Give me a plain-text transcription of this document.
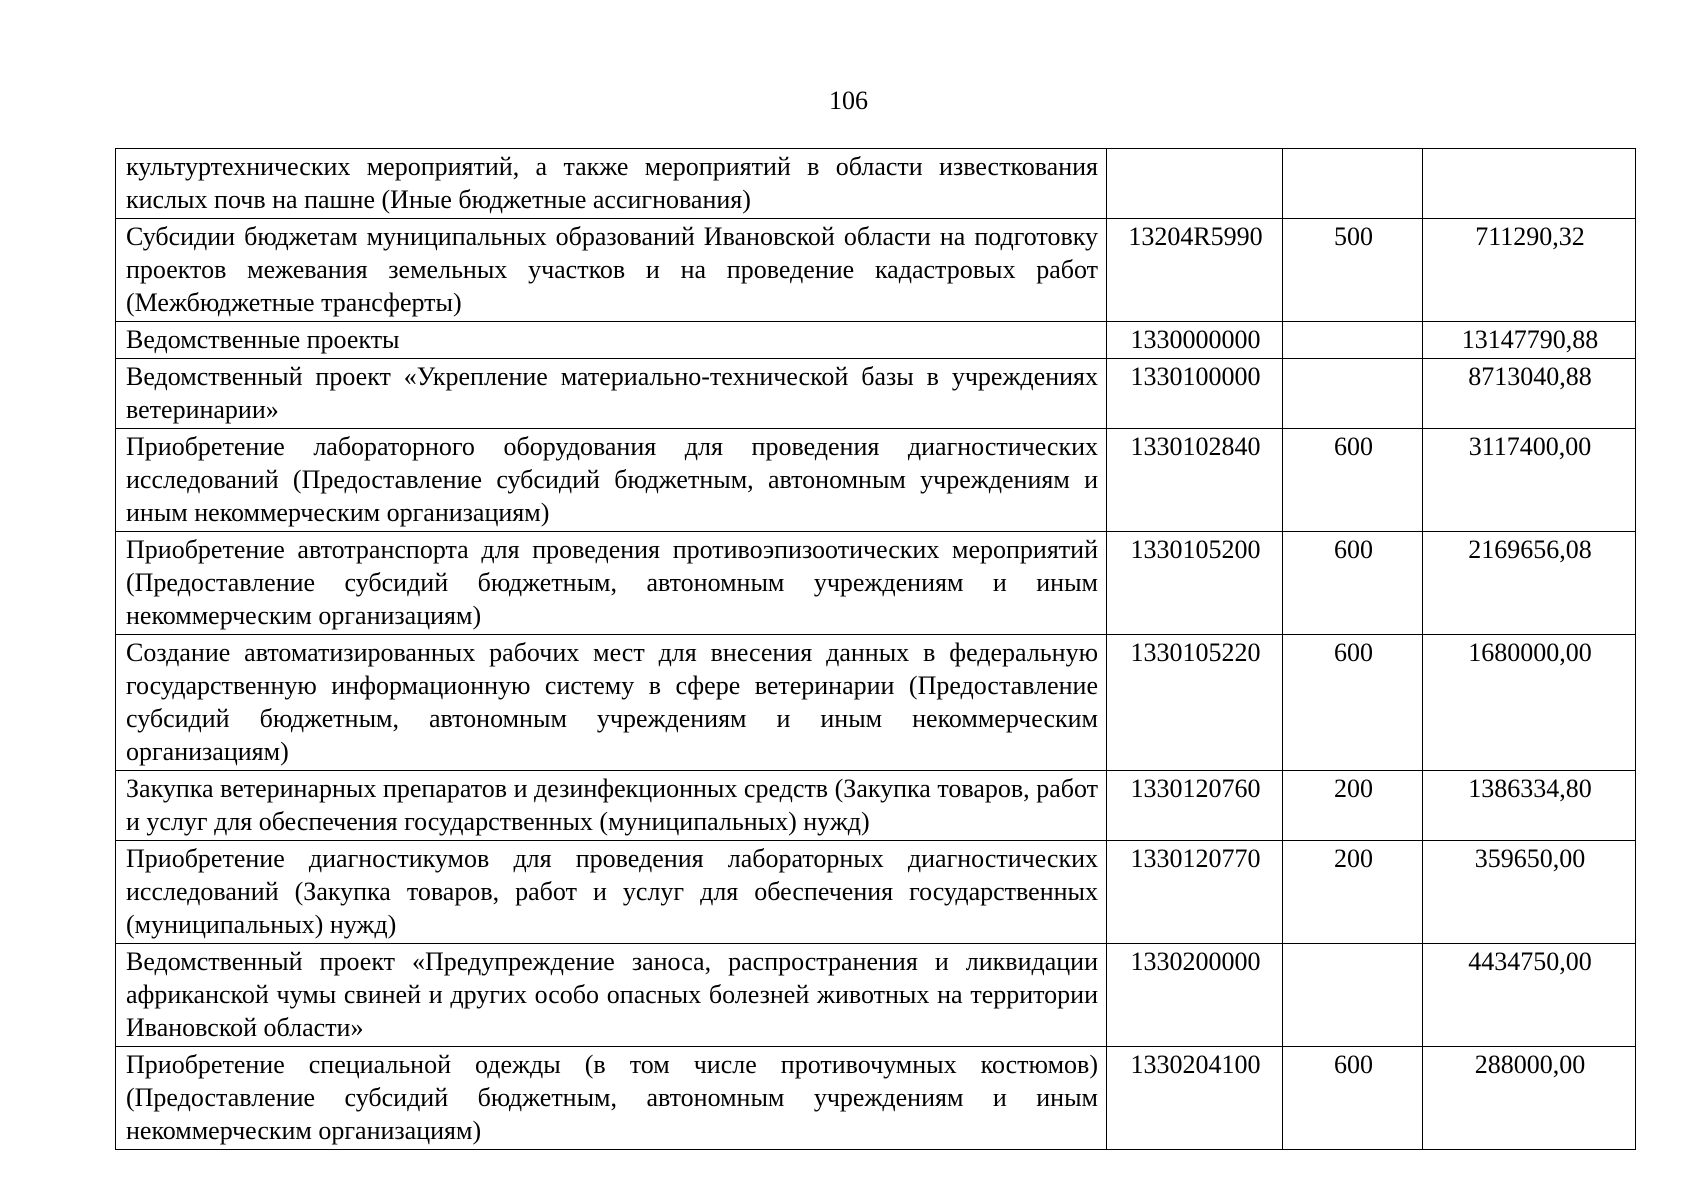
106
культуртехнических мероприятий, а также мероприятий в области известкования кислых почв на пашне (Иные бюджетные ассигнования)			
Субсидии бюджетам муниципальных образований Ивановской области на подготовку проектов межевания земельных участков и на проведение кадастровых работ (Межбюджетные трансферты)	13204R5990	500	711290,32
Ведомственные проекты	1330000000		13147790,88
Ведомственный проект «Укрепление материально-технической базы в учреждениях ветеринарии»	1330100000		8713040,88
Приобретение лабораторного оборудования для проведения диагностических исследований (Предоставление субсидий бюджетным, автономным учреждениям и иным некоммерческим организациям)	1330102840	600	3117400,00
Приобретение автотранспорта для проведения противоэпизоотических мероприятий (Предоставление субсидий бюджетным, автономным учреждениям и иным некоммерческим организациям)	1330105200	600	2169656,08
Создание автоматизированных рабочих мест для внесения данных в федеральную государственную информационную систему в сфере ветеринарии (Предоставление субсидий бюджетным, автономным учреждениям и иным некоммерческим организациям)	1330105220	600	1680000,00
Закупка ветеринарных препаратов и дезинфекционных средств (Закупка товаров, работ и услуг для обеспечения государственных (муниципальных) нужд)	1330120760	200	1386334,80
Приобретение диагностикумов для проведения лабораторных диагностических исследований (Закупка товаров, работ и услуг для обеспечения государственных (муниципальных) нужд)	1330120770	200	359650,00
Ведомственный проект «Предупреждение заноса, распространения и ликвидации африканской чумы свиней и других особо опасных болезней животных на территории Ивановской области»	1330200000		4434750,00
Приобретение специальной одежды (в том числе противочумных костюмов) (Предоставление субсидий бюджетным, автономным учреждениям и иным некоммерческим организациям)	1330204100	600	288000,00
